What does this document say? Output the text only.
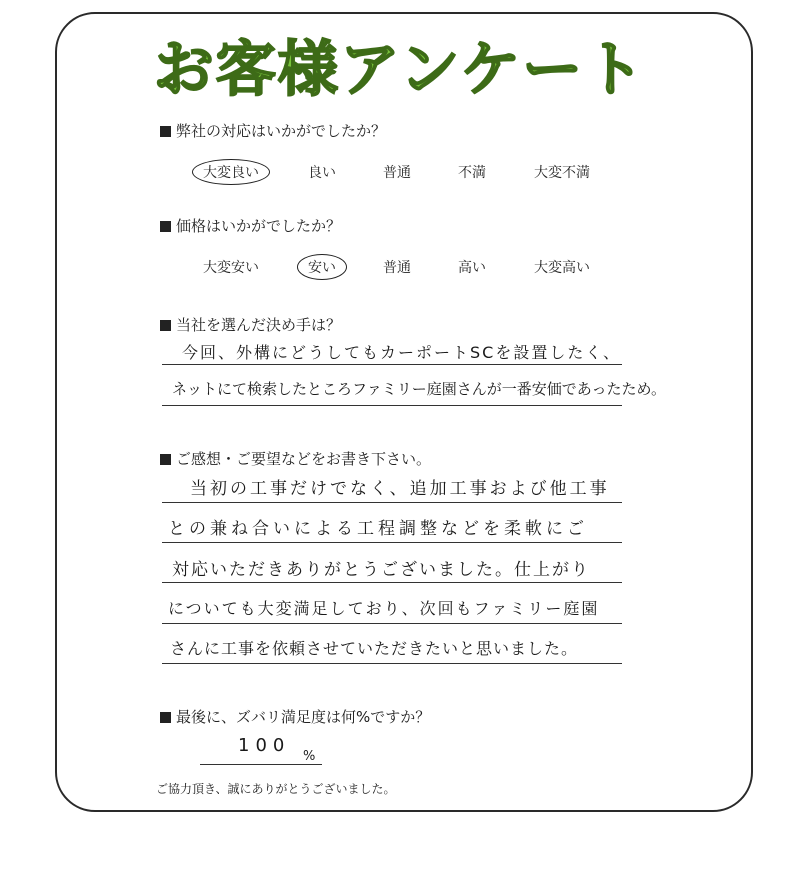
お客様アンケート
弊社の対応はいかがでしたか？
大変良い	良い	普通	不満	大変不満
価格はいかがでしたか？
大変安い	安い	普通	高い	大変高い
当社を選んだ決め手は？
今回、外構にどうしてもカーポートSCを設置したく、
ネットにて検索したところファミリー庭園さんが一番安価であったため。
ご感想・ご要望などをお書き下さい。
当初の工事だけでなく、追加工事および他工事
との兼ね合いによる工程調整などを柔軟にご
対応いただきありがとうございました。仕上がり
についても大変満足しており、次回もファミリー庭園
さんに工事を依頼させていただきたいと思いました。
最後に、ズバリ満足度は何%ですか？
100
%
ご協力頂き、誠にありがとうございました。
